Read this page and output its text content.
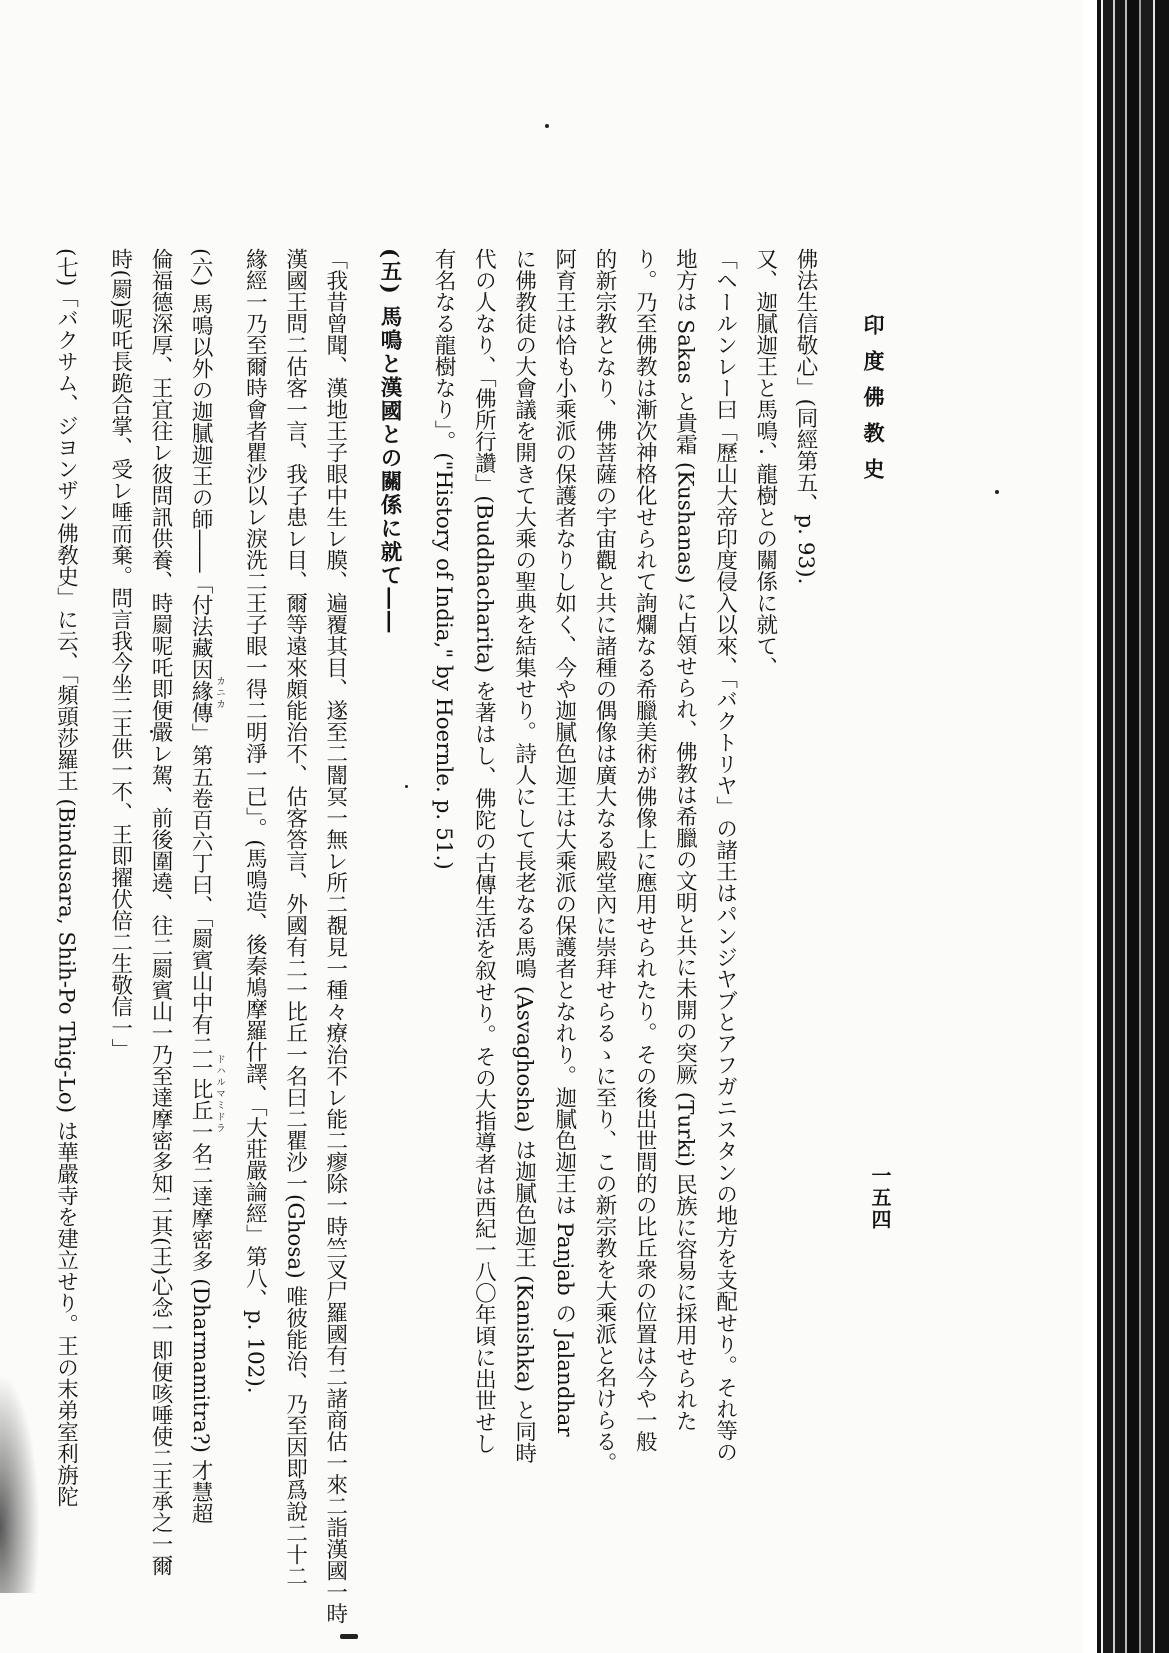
印度佛教史
一五四
佛法生信敬心」(同經第五、p. 93).
又、迦膩迦王と馬鳴、龍樹との關係に就て、
「ヘールンレー曰「歷山大帝印度侵入以來、「バクトリヤ」の諸王はパンジヤブとアフガニスタンの地方を支配せり。それ等の
地方は Sakas と貴霜 (Kushanas) に占領せられ、佛教は希臘の文明と共に未開の突厥 (Turki) 民族に容易に採用せられた
り。乃至佛教は漸次神格化せられて詢爛なる希臘美術が佛像上に應用せられたり。その後出世間的の比丘衆の位置は今や一般
的新宗教となり、佛菩薩の宇宙觀と共に諸種の偶像は廣大なる殿堂內に崇拜せらるゝに至り、この新宗教を大乘派と名けらる。
阿育王は恰も小乘派の保護者なりし如く、今や迦膩色迦王は大乘派の保護者となれり。迦膩色迦王は Panjab の Jalandhar
に佛教徒の大會議を開きて大乘の聖典を結集せり。詩人にして長老なる馬鳴 (Asvaghosha) は迦膩色迦王 (Kanishka) と同時
代の人なり、「佛所行讚」(Buddhacharita) を著はし、佛陀の古傳生活を叙せり。その大指導者は西紀一八〇年頃に出世せし
有名なる龍樹なり」。("History of India," by Hoernle. p. 51.)
(五) 馬鳴と漢國との關係に就て――
「我昔曾聞、漢地王子眼中生レ膜、遍覆其目、遂至二闇冥一無レ所二覩見一種々療治不レ能二瘳除一時竺叉尸羅國有二諸商估一來二詣漢國一時
漢國王問二估客一言、我子患レ目、爾等遠來頗能治不、估客答言、外國有二一比丘一名曰二瞿沙一(Ghosa) 唯彼能治、乃至因即爲說二十二
緣經一乃至爾時會者瞿沙以レ淚洗二王子眼一得二明淨一已」。(馬鳴造、後秦鳩摩羅什譯、「大莊嚴論經」第八、p. 102).
(六) 馬鳴以外の迦膩迦王の師――「付法藏因緣傳」第五卷百六丁曰、「罽賓山中有二一比丘一名二達摩密多 (Dharmamitra?) 才慧超
倫福德深厚、王宜往レ彼問訊供養、時罽呢吒即便嚴レ駕、前後圍遶、往二罽賓山一乃至達摩密多知二其(王)心念一即便咳唾使二王承之一爾
時(罽)呢吒長跪合掌、受レ唾而棄。問言我今坐二王供一不、王即擢伏倍二生敬信一」
(七)「バクサム、ジヨンザン佛敎史」に云、「頻頭莎羅王 (Bindusara, Shih-Po Thig-Lo) は華嚴寺を建立せり。王の末弟室利旃陀	カニカ
ドハルマミドラ
